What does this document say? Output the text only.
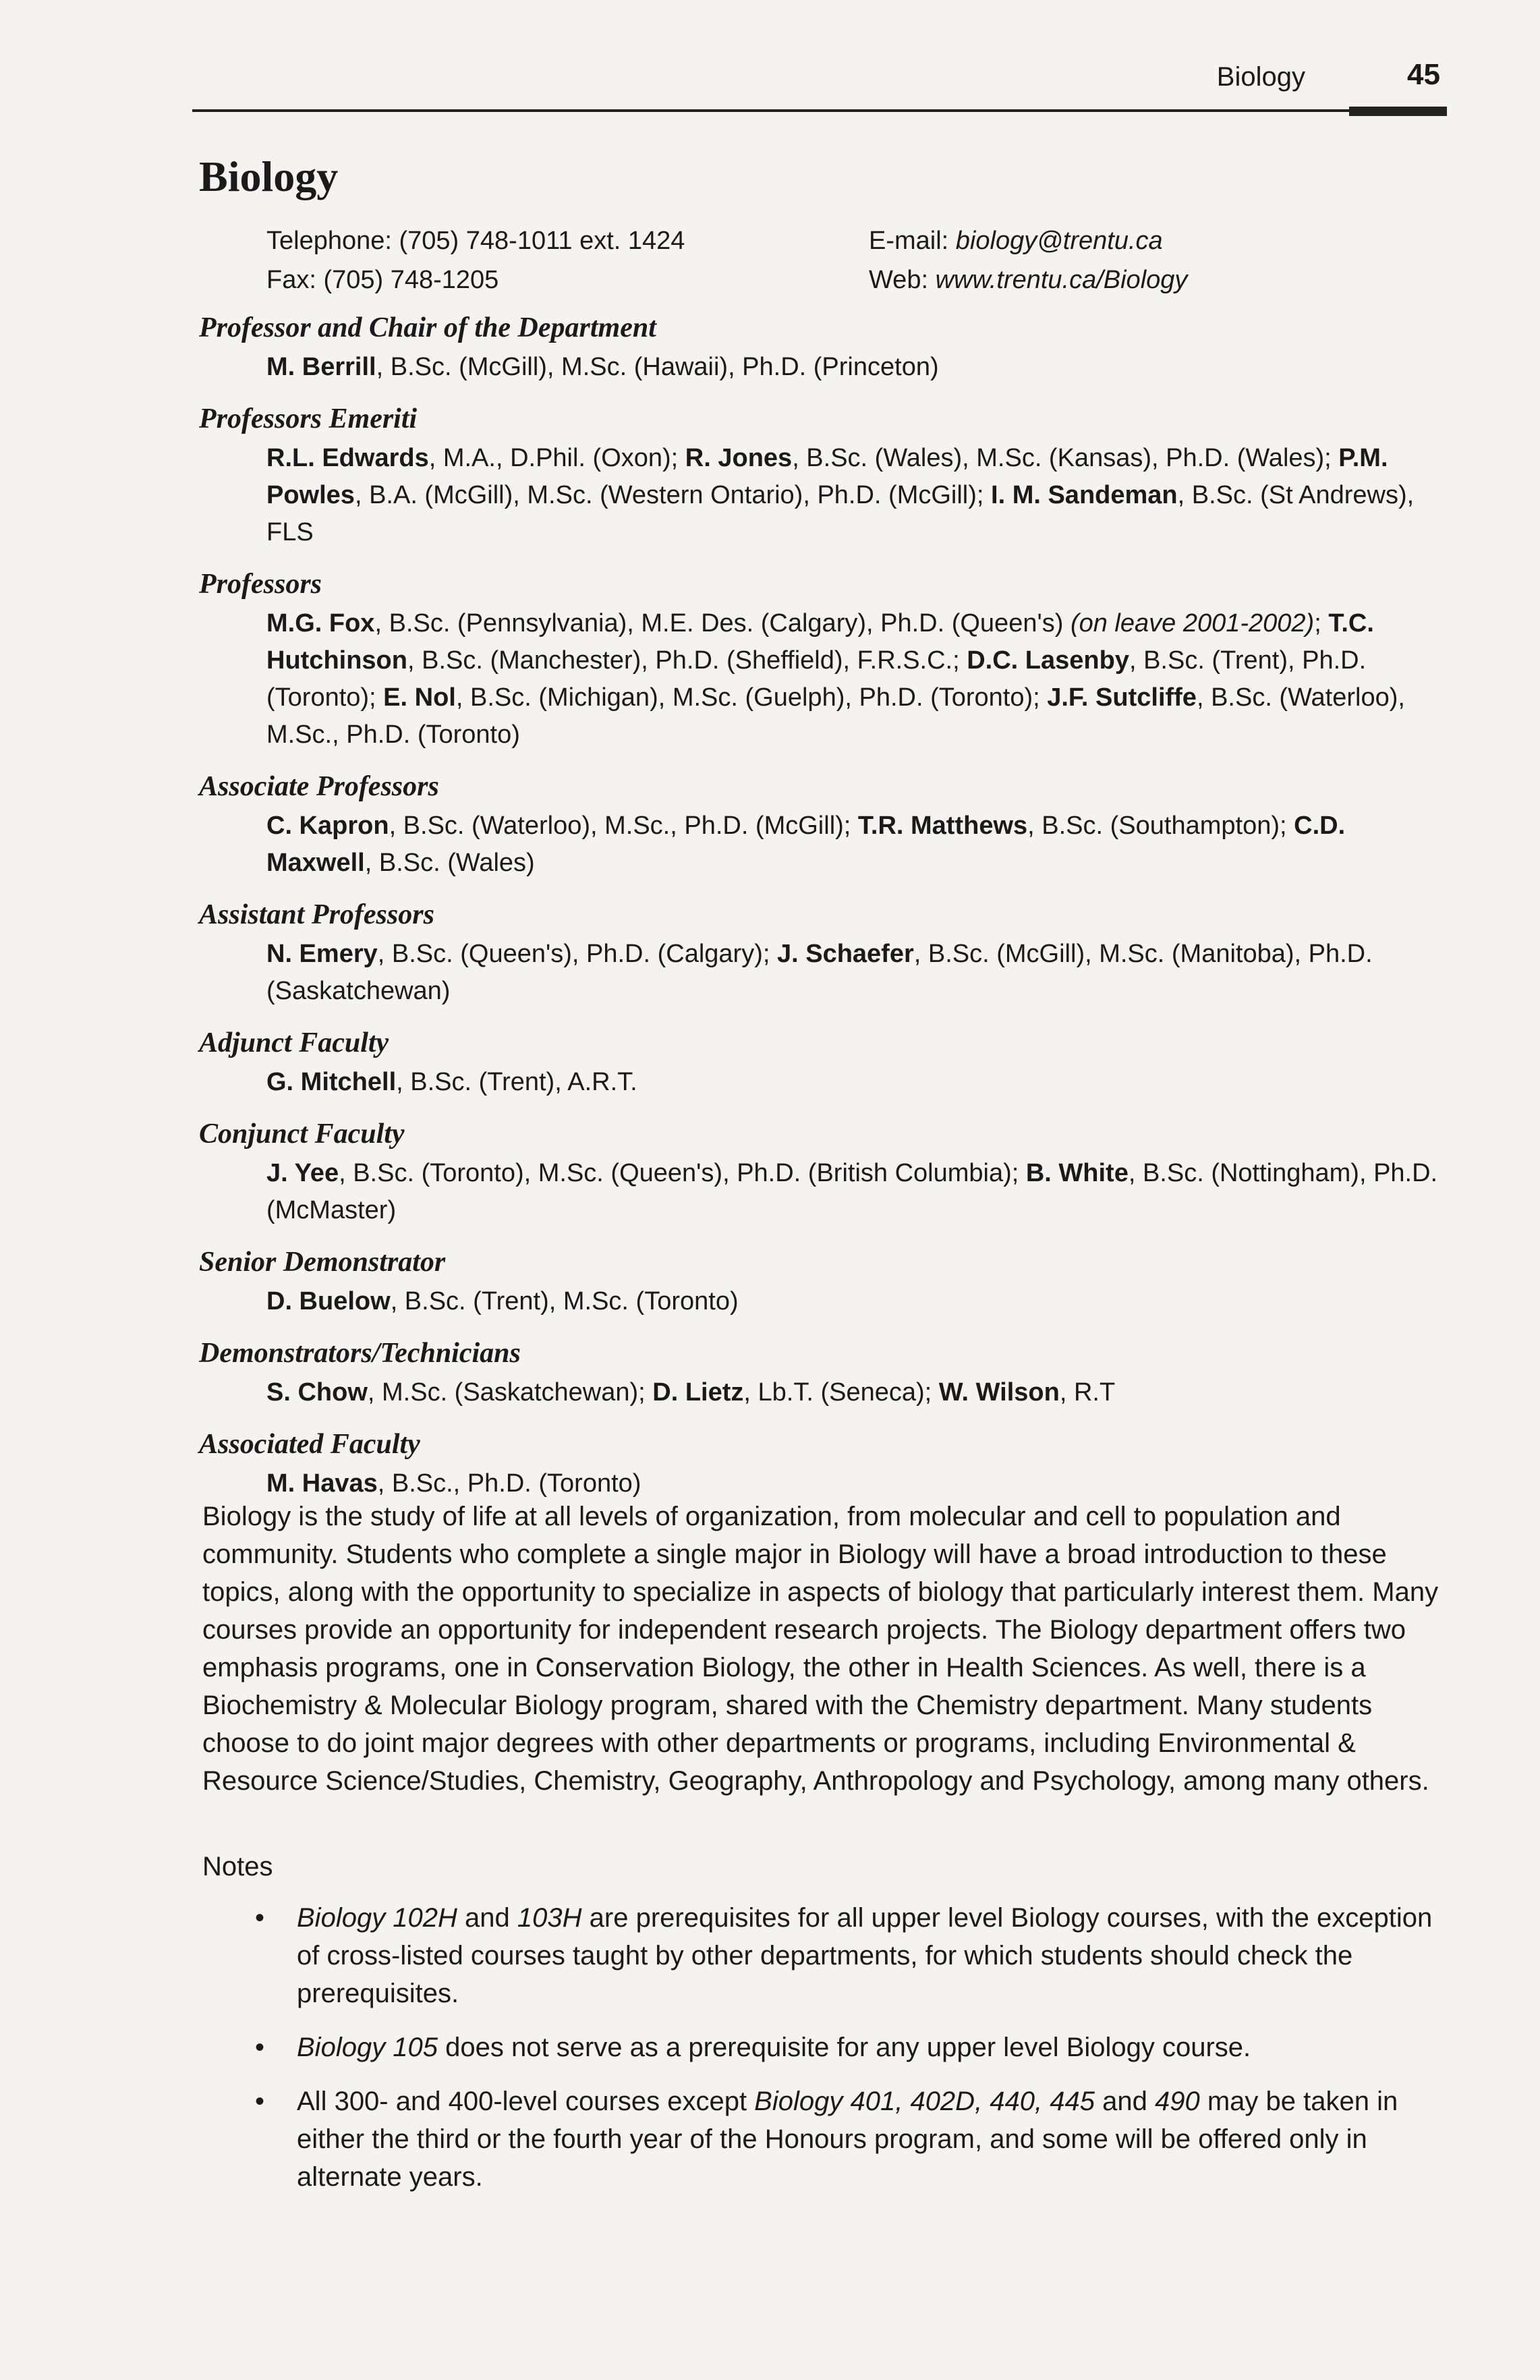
Biology	45
Biology
Telephone: (705) 748-1011 ext. 1424	E-mail: biology@trentu.ca
Fax: (705) 748-1205	Web: www.trentu.ca/Biology
Professor and Chair of the Department
M. Berrill, B.Sc. (McGill), M.Sc. (Hawaii), Ph.D. (Princeton)
Professors Emeriti
R.L. Edwards, M.A., D.Phil. (Oxon); R. Jones, B.Sc. (Wales), M.Sc. (Kansas), Ph.D. (Wales); P.M. Powles, B.A. (McGill), M.Sc. (Western Ontario), Ph.D. (McGill); I. M. Sandeman, B.Sc. (St Andrews), FLS
Professors
M.G. Fox, B.Sc. (Pennsylvania), M.E. Des. (Calgary), Ph.D. (Queen's) (on leave 2001-2002); T.C. Hutchinson, B.Sc. (Manchester), Ph.D. (Sheffield), F.R.S.C.; D.C. Lasenby, B.Sc. (Trent), Ph.D. (Toronto); E. Nol, B.Sc. (Michigan), M.Sc. (Guelph), Ph.D. (Toronto); J.F. Sutcliffe, B.Sc. (Waterloo), M.Sc., Ph.D. (Toronto)
Associate Professors
C. Kapron, B.Sc. (Waterloo), M.Sc., Ph.D. (McGill); T.R. Matthews, B.Sc. (Southampton); C.D. Maxwell, B.Sc. (Wales)
Assistant Professors
N. Emery, B.Sc. (Queen's), Ph.D. (Calgary); J. Schaefer, B.Sc. (McGill), M.Sc. (Manitoba), Ph.D. (Saskatchewan)
Adjunct Faculty
G. Mitchell, B.Sc. (Trent), A.R.T.
Conjunct Faculty
J. Yee, B.Sc. (Toronto), M.Sc. (Queen's), Ph.D. (British Columbia); B. White, B.Sc. (Nottingham), Ph.D. (McMaster)
Senior Demonstrator
D. Buelow, B.Sc. (Trent), M.Sc. (Toronto)
Demonstrators/Technicians
S. Chow, M.Sc. (Saskatchewan); D. Lietz, Lb.T. (Seneca); W. Wilson, R.T
Associated Faculty
M. Havas, B.Sc., Ph.D. (Toronto)

Biology is the study of life at all levels of organization, from molecular and cell to population and community. Students who complete a single major in Biology will have a broad introduction to these topics, along with the opportunity to specialize in aspects of biology that particularly interest them. Many courses provide an opportunity for independent research projects. The Biology department offers two emphasis programs, one in Conservation Biology, the other in Health Sciences. As well, there is a Biochemistry & Molecular Biology program, shared with the Chemistry department. Many students choose to do joint major degrees with other departments or programs, including Environmental & Resource Science/Studies, Chemistry, Geography, Anthropology and Psychology, among many others.

Notes
• Biology 102H and 103H are prerequisites for all upper level Biology courses, with the exception of cross-listed courses taught by other departments, for which students should check the prerequisites.
• Biology 105 does not serve as a prerequisite for any upper level Biology course.
• All 300- and 400-level courses except Biology 401, 402D, 440, 445 and 490 may be taken in either the third or the fourth year of the Honours program, and some will be offered only in alternate years.
